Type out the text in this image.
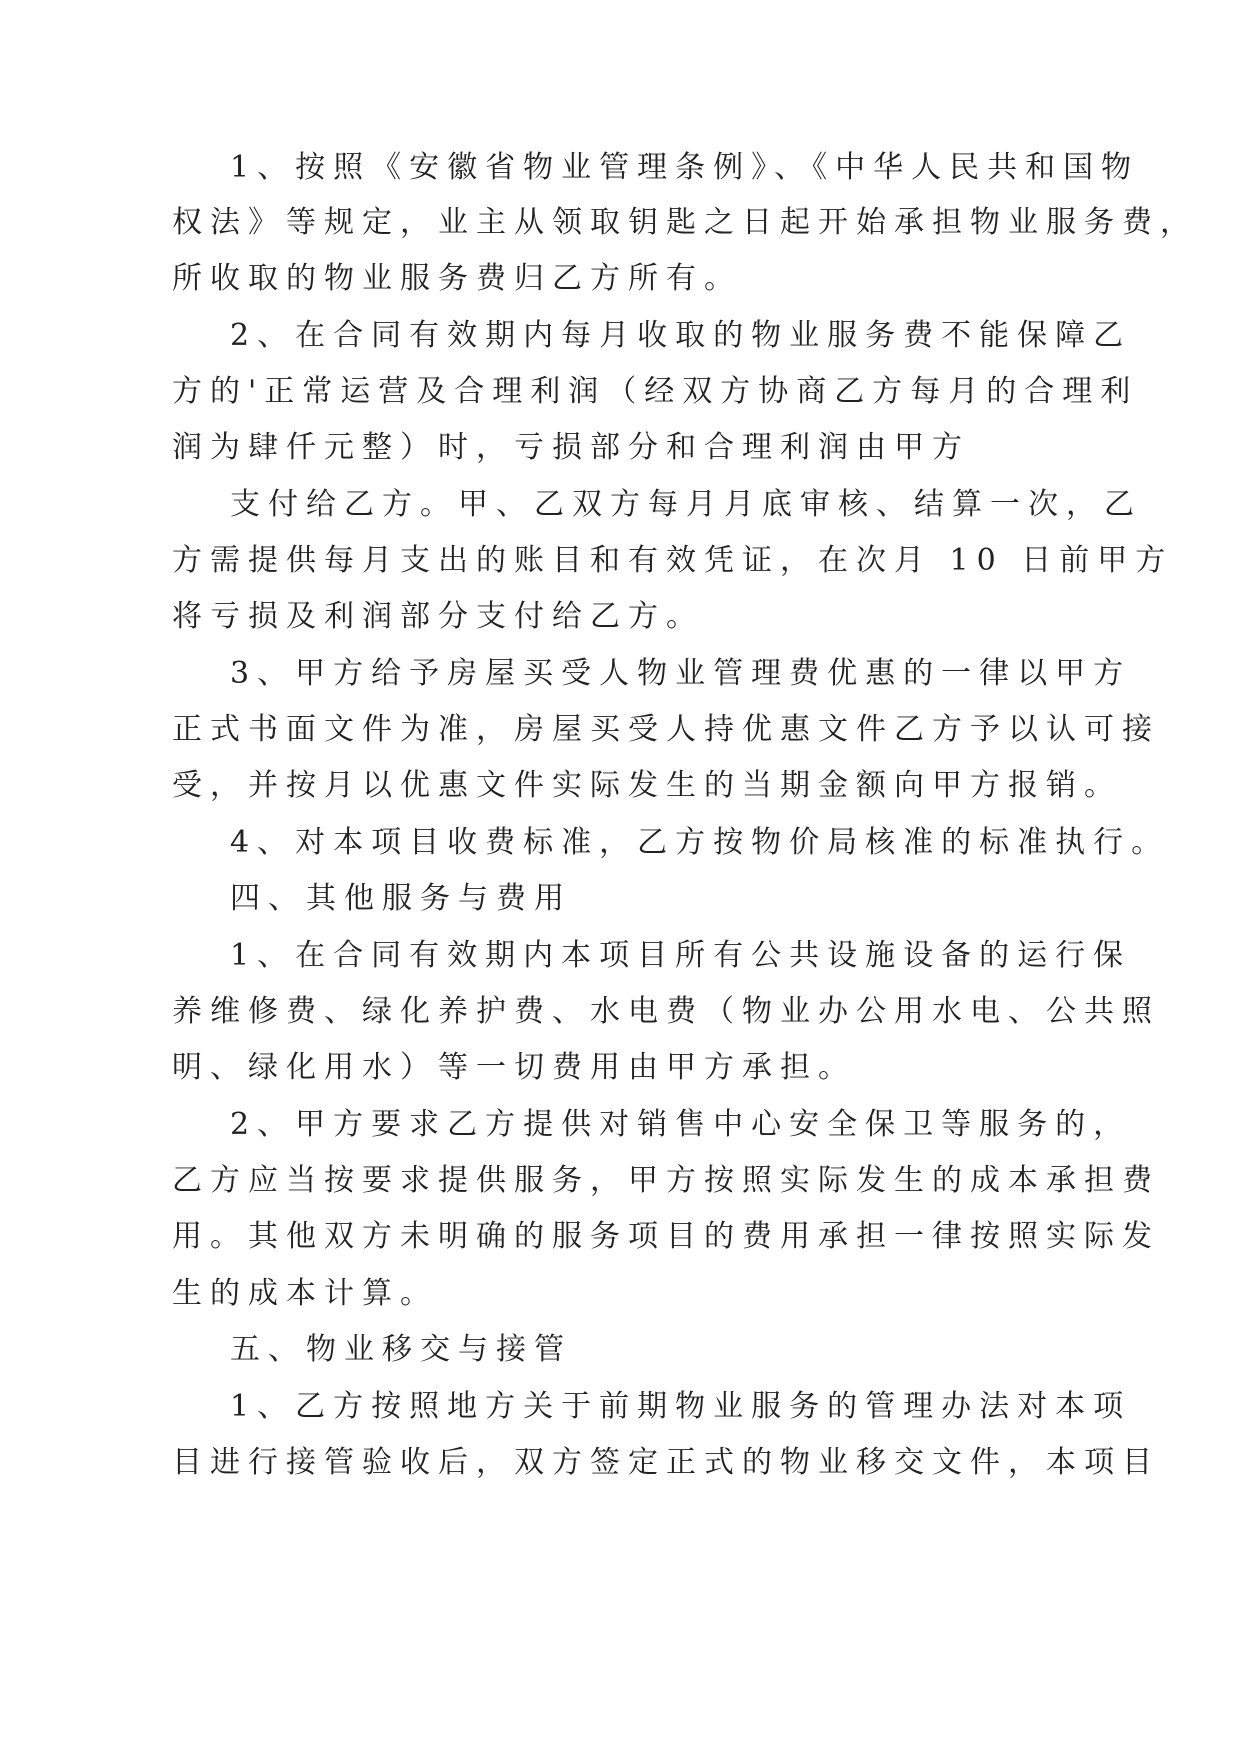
1、按照《安徽省物业管理条例》、《中华人民共和国物
权法》等规定，业主从领取钥匙之日起开始承担物业服务费，
所收取的物业服务费归乙方所有。
2、在合同有效期内每月收取的物业服务费不能保障乙
方的'正常运营及合理利润（经双方协商乙方每月的合理利
润为肆仟元整）时，亏损部分和合理利润由甲方
支付给乙方。甲、乙双方每月月底审核、结算一次，乙
方需提供每月支出的账目和有效凭证，在次月 10 日前甲方
将亏损及利润部分支付给乙方。
3、甲方给予房屋买受人物业管理费优惠的一律以甲方
正式书面文件为准，房屋买受人持优惠文件乙方予以认可接
受，并按月以优惠文件实际发生的当期金额向甲方报销。
4、对本项目收费标准，乙方按物价局核准的标准执行。
四、其他服务与费用
1、在合同有效期内本项目所有公共设施设备的运行保
养维修费、绿化养护费、水电费（物业办公用水电、公共照
明、绿化用水）等一切费用由甲方承担。
2、甲方要求乙方提供对销售中心安全保卫等服务的，
乙方应当按要求提供服务，甲方按照实际发生的成本承担费
用。其他双方未明确的服务项目的费用承担一律按照实际发
生的成本计算。
五、物业移交与接管
1、乙方按照地方关于前期物业服务的管理办法对本项
目进行接管验收后，双方签定正式的物业移交文件，本项目
